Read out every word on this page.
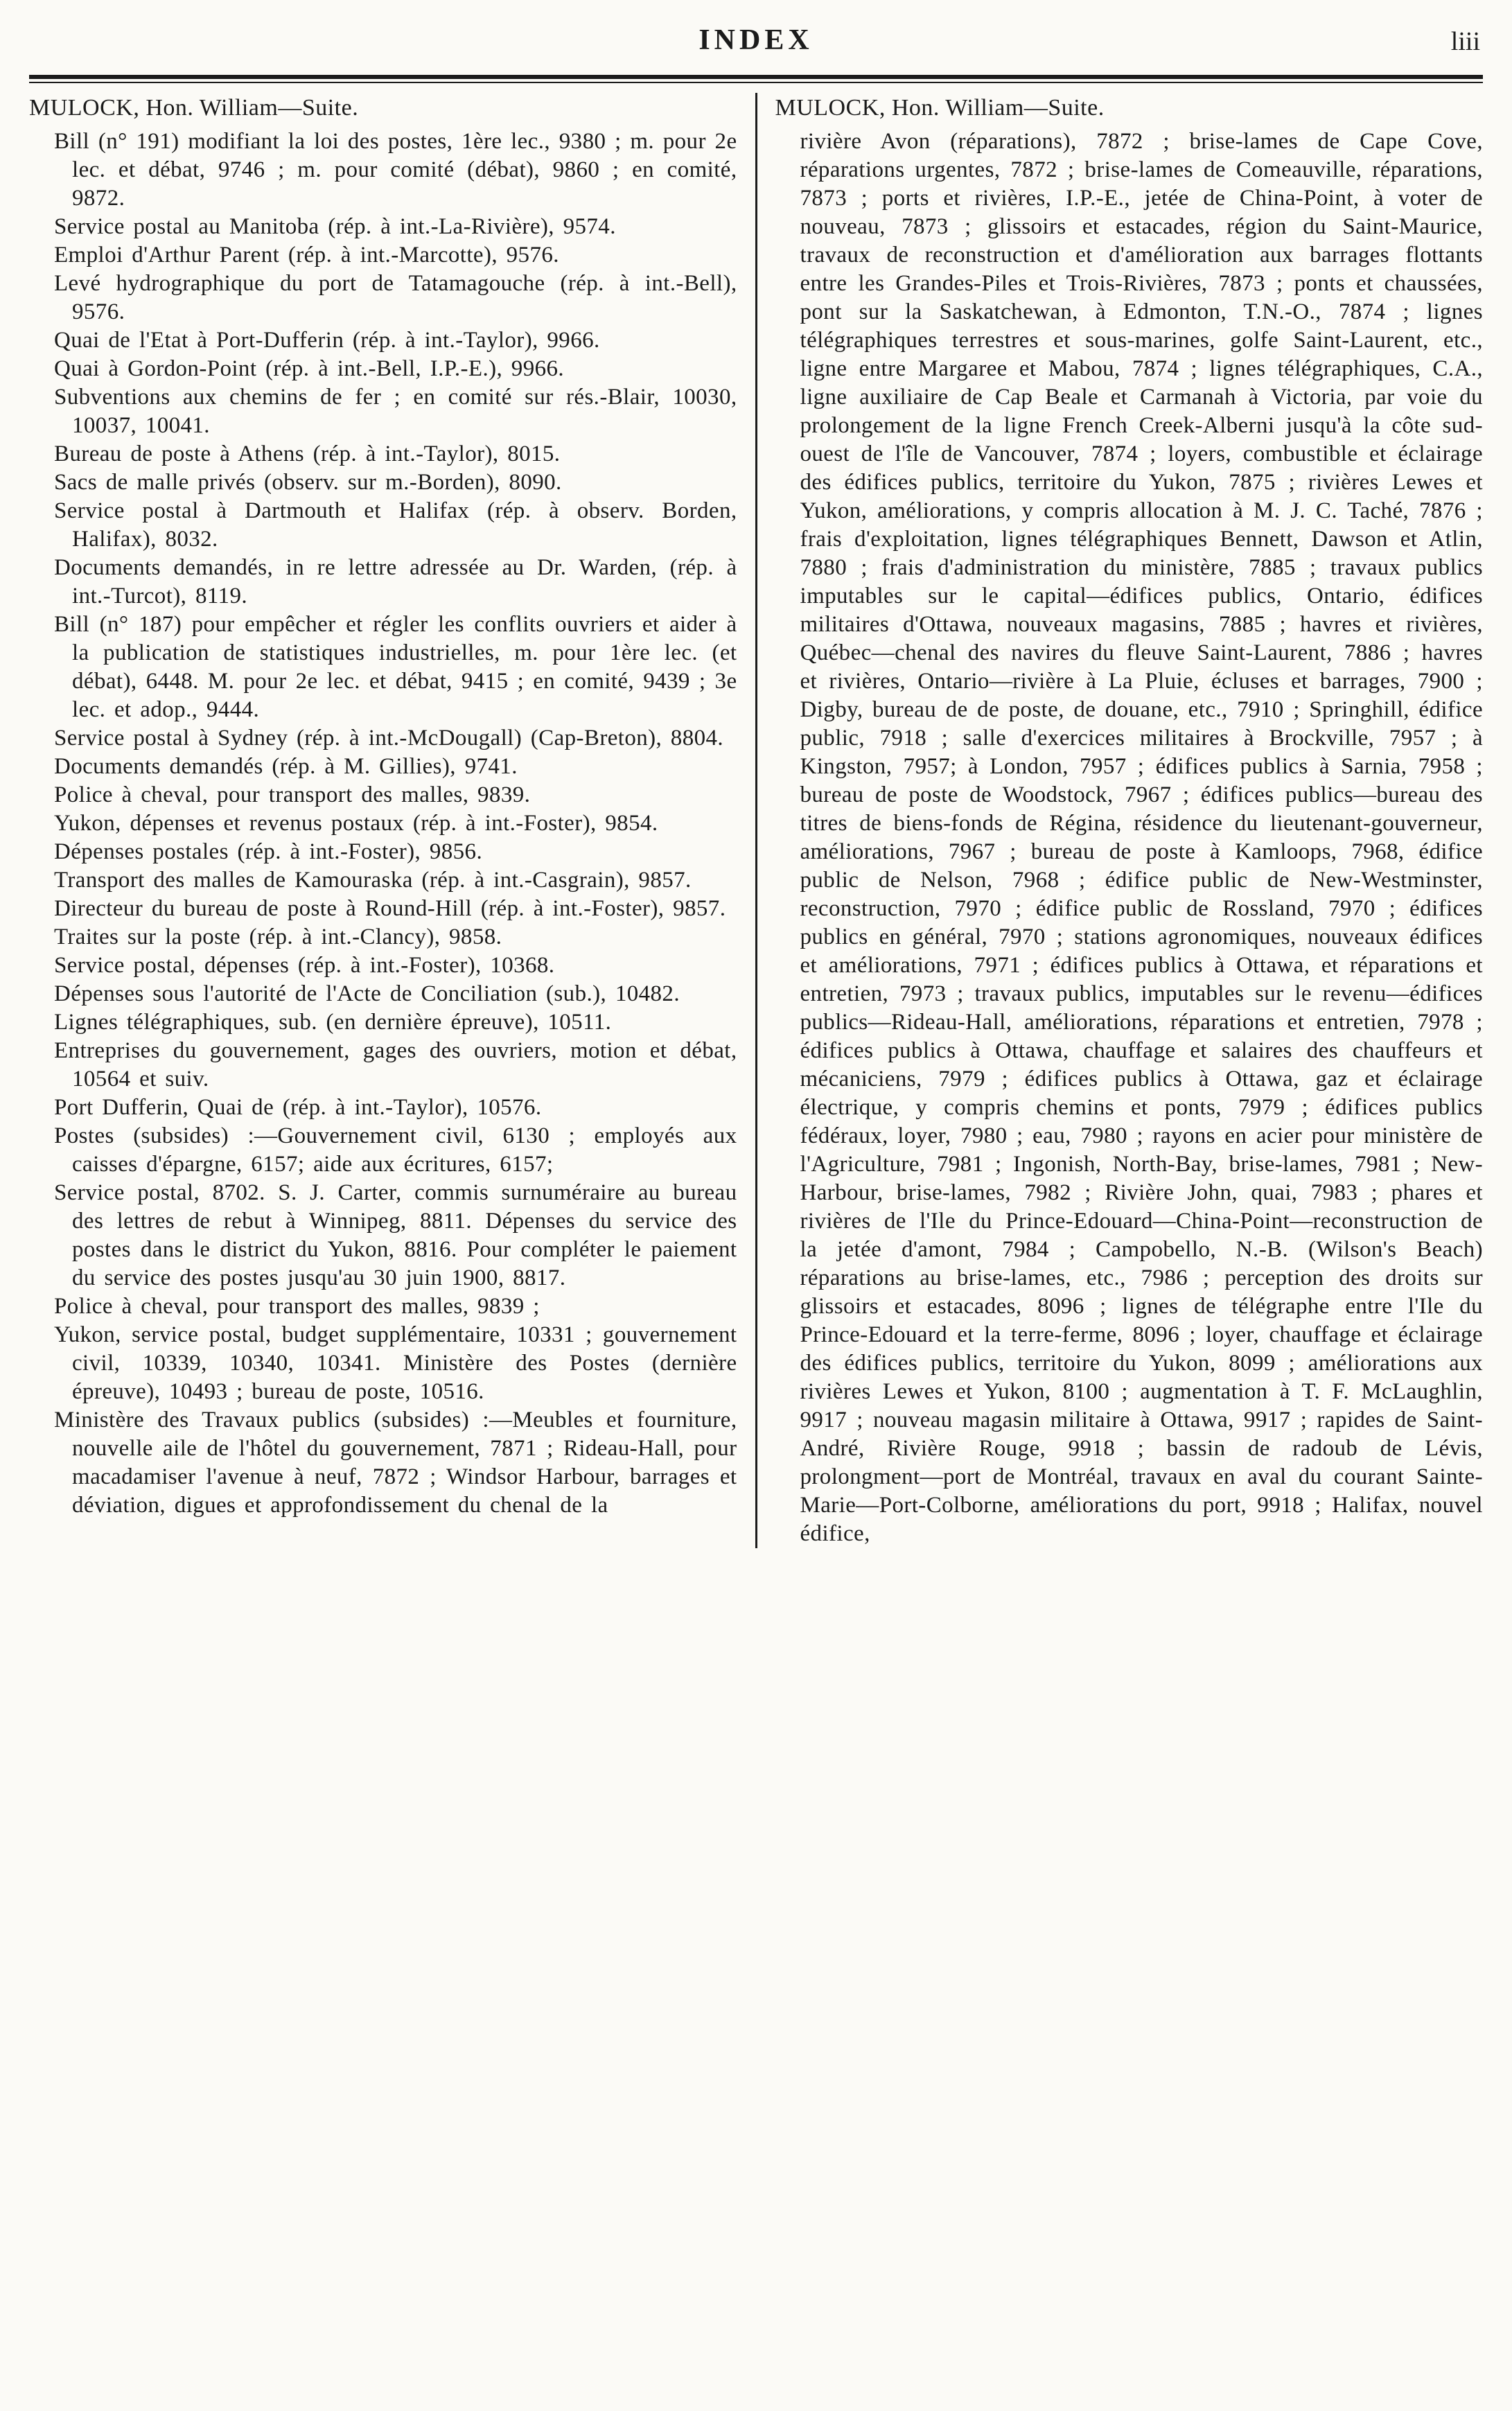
INDEX	liii

MULOCK, Hon. William—Suite.

Bill (n° 191) modifiant la loi des postes, 1ère lec., 9380 ; m. pour 2e lec. et débat, 9746 ; m. pour comité (débat), 9860 ; en comité, 9872.

Service postal au Manitoba (rép. à int.-La-Rivière), 9574.

Emploi d'Arthur Parent (rép. à int.-Marcotte), 9576.

Levé hydrographique du port de Tatamagouche (rép. à int.-Bell), 9576.

Quai de l'Etat à Port-Dufferin (rép. à int.-Taylor), 9966.

Quai à Gordon-Point (rép. à int.-Bell, I.P.-E.), 9966.

Subventions aux chemins de fer ; en comité sur rés.-Blair, 10030, 10037, 10041.

Bureau de poste à Athens (rép. à int.-Taylor), 8015.

Sacs de malle privés (observ. sur m.-Borden), 8090.

Service postal à Dartmouth et Halifax (rép. à observ. Borden, Halifax), 8032.

Documents demandés, in re lettre adressée au Dr. Warden, (rép. à int.-Turcot), 8119.

Bill (n° 187) pour empêcher et régler les conflits ouvriers et aider à la publication de statistiques industrielles, m. pour 1ère lec. (et débat), 6448. M. pour 2e lec. et débat, 9415 ; en comité, 9439 ; 3e lec. et adop., 9444.

Service postal à Sydney (rép. à int.-McDougall) (Cap-Breton), 8804.

Documents demandés (rép. à M. Gillies), 9741.

Police à cheval, pour transport des malles, 9839.

Yukon, dépenses et revenus postaux (rép. à int.-Foster), 9854.

Dépenses postales (rép. à int.-Foster), 9856.

Transport des malles de Kamouraska (rép. à int.-Casgrain), 9857.

Directeur du bureau de poste à Round-Hill (rép. à int.-Foster), 9857.

Traites sur la poste (rép. à int.-Clancy), 9858.

Service postal, dépenses (rép. à int.-Foster), 10368.

Dépenses sous l'autorité de l'Acte de Conciliation (sub.), 10482.

Lignes télégraphiques, sub. (en dernière épreuve), 10511.

Entreprises du gouvernement, gages des ouvriers, motion et débat, 10564 et suiv.

Port Dufferin, Quai de (rép. à int.-Taylor), 10576.

Postes (subsides) :—Gouvernement civil, 6130 ; employés aux caisses d'épargne, 6157; aide aux écritures, 6157;

Service postal, 8702. S. J. Carter, commis surnuméraire au bureau des lettres de rebut à Winnipeg, 8811. Dépenses du service des postes dans le district du Yukon, 8816. Pour compléter le paiement du service des postes jusqu'au 30 juin 1900, 8817.

Police à cheval, pour transport des malles, 9839 ;

Yukon, service postal, budget supplémentaire, 10331 ; gouvernement civil, 10339, 10340, 10341. Ministère des Postes (dernière épreuve), 10493 ; bureau de poste, 10516.

Ministère des Travaux publics (subsides) :—Meubles et fourniture, nouvelle aile de l'hôtel du gouvernement, 7871 ; Rideau-Hall, pour macadamiser l'avenue à neuf, 7872 ; Windsor Harbour, barrages et déviation, digues et approfondissement du chenal de la

MULOCK, Hon. William—Suite.

rivière Avon (réparations), 7872 ; brise-lames de Cape Cove, réparations urgentes, 7872 ; brise-lames de Comeauville, réparations, 7873 ; ports et rivières, I.P.-E., jetée de China-Point, à voter de nouveau, 7873 ; glissoirs et estacades, région du Saint-Maurice, travaux de reconstruction et d'amélioration aux barrages flottants entre les Grandes-Piles et Trois-Rivières, 7873 ; ponts et chaussées, pont sur la Saskatchewan, à Edmonton, T.N.-O., 7874 ; lignes télégraphiques terrestres et sous-marines, golfe Saint-Laurent, etc., ligne entre Margaree et Mabou, 7874 ; lignes télégraphiques, C.A., ligne auxiliaire de Cap Beale et Carmanah à Victoria, par voie du prolongement de la ligne French Creek-Alberni jusqu'à la côte sud-ouest de l'île de Vancouver, 7874 ; loyers, combustible et éclairage des édifices publics, territoire du Yukon, 7875 ; rivières Lewes et Yukon, améliorations, y compris allocation à M. J. C. Taché, 7876 ; frais d'exploitation, lignes télégraphiques Bennett, Dawson et Atlin, 7880 ; frais d'administration du ministère, 7885 ; travaux publics imputables sur le capital—édifices publics, Ontario, édifices militaires d'Ottawa, nouveaux magasins, 7885 ; havres et rivières, Québec—chenal des navires du fleuve Saint-Laurent, 7886 ; havres et rivières, Ontario—rivière à La Pluie, écluses et barrages, 7900 ; Digby, bureau de de poste, de douane, etc., 7910 ; Springhill, édifice public, 7918 ; salle d'exercices militaires à Brockville, 7957 ; à Kingston, 7957; à London, 7957 ; édifices publics à Sarnia, 7958 ; bureau de poste de Woodstock, 7967 ; édifices publics—bureau des titres de biens-fonds de Régina, résidence du lieutenant-gouverneur, améliorations, 7967 ; bureau de poste à Kamloops, 7968, édifice public de Nelson, 7968 ; édifice public de New-Westminster, reconstruction, 7970 ; édifice public de Rossland, 7970 ; édifices publics en général, 7970 ; stations agronomiques, nouveaux édifices et améliorations, 7971 ; édifices publics à Ottawa, et réparations et entretien, 7973 ; travaux publics, imputables sur le revenu—édifices publics—Rideau-Hall, améliorations, réparations et entretien, 7978 ; édifices publics à Ottawa, chauffage et salaires des chauffeurs et mécaniciens, 7979 ; édifices publics à Ottawa, gaz et éclairage électrique, y compris chemins et ponts, 7979 ; édifices publics fédéraux, loyer, 7980 ; eau, 7980 ; rayons en acier pour ministère de l'Agriculture, 7981 ; Ingonish, North-Bay, brise-lames, 7981 ; New-Harbour, brise-lames, 7982 ; Rivière John, quai, 7983 ; phares et rivières de l'Ile du Prince-Edouard—China-Point—reconstruction de la jetée d'amont, 7984 ; Campobello, N.-B. (Wilson's Beach) réparations au brise-lames, etc., 7986 ; perception des droits sur glissoirs et estacades, 8096 ; lignes de télégraphe entre l'Ile du Prince-Edouard et la terre-ferme, 8096 ; loyer, chauffage et éclairage des édifices publics, territoire du Yukon, 8099 ; améliorations aux rivières Lewes et Yukon, 8100 ; augmentation à T. F. McLaughlin, 9917 ; nouveau magasin militaire à Ottawa, 9917 ; rapides de Saint-André, Rivière Rouge, 9918 ; bassin de radoub de Lévis, prolongment—port de Montréal, travaux en aval du courant Sainte-Marie—Port-Colborne, améliorations du port, 9918 ; Halifax, nouvel édifice,
